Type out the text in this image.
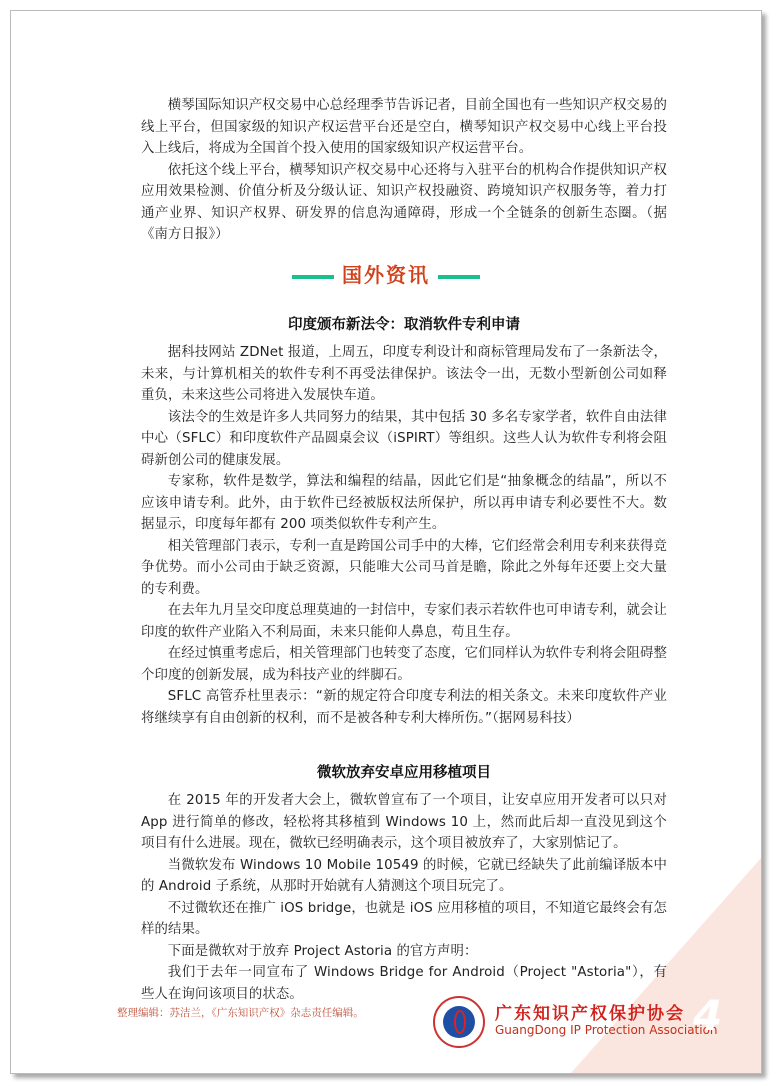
横琴国际知识产权交易中心总经理季节告诉记者，目前全国也有一些知识产权交易的线上平台，但国家级的知识产权运营平台还是空白，横琴知识产权交易中心线上平台投入上线后，将成为全国首个投入使用的国家级知识产权运营平台。

依托这个线上平台，横琴知识产权交易中心还将与入驻平台的机构合作提供知识产权应用效果检测、价值分析及分级认证、知识产权投融资、跨境知识产权服务等，着力打通产业界、知识产权界、研发界的信息沟通障碍，形成一个全链条的创新生态圈。（据《南方日报》）

国外资讯
印度颁布新法令：取消软件专利申请

据科技网站 ZDNet 报道，上周五，印度专利设计和商标管理局发布了一条新法令，未来，与计算机相关的软件专利不再受法律保护。该法令一出，无数小型新创公司如释重负，未来这些公司将进入发展快车道。

该法令的生效是许多人共同努力的结果，其中包括 30 多名专家学者，软件自由法律中心（SFLC）和印度软件产品圆桌会议（iSPIRT）等组织。这些人认为软件专利将会阻碍新创公司的健康发展。

专家称，软件是数学，算法和编程的结晶，因此它们是“抽象概念的结晶”，所以不应该申请专利。此外，由于软件已经被版权法所保护，所以再申请专利必要性不大。数据显示，印度每年都有 200 项类似软件专利产生。

相关管理部门表示，专利一直是跨国公司手中的大棒，它们经常会利用专利来获得竞争优势。而小公司由于缺乏资源，只能唯大公司马首是瞻，除此之外每年还要上交大量的专利费。

在去年九月呈交印度总理莫迪的一封信中，专家们表示若软件也可申请专利，就会让印度的软件产业陷入不利局面，未来只能仰人鼻息，苟且生存。

在经过慎重考虑后，相关管理部门也转变了态度，它们同样认为软件专利将会阻碍整个印度的创新发展，成为科技产业的绊脚石。

SFLC 高管乔杜里表示：“新的规定符合印度专利法的相关条文。未来印度软件产业将继续享有自由创新的权利，而不是被各种专利大棒所伤。”（据网易科技）

微软放弃安卓应用移植项目

在 2015 年的开发者大会上，微软曾宣布了一个项目，让安卓应用开发者可以只对 App 进行简单的修改，轻松将其移植到 Windows 10 上，然而此后却一直没见到这个项目有什么进展。现在，微软已经明确表示，这个项目被放弃了，大家别惦记了。

当微软发布 Windows 10 Mobile 10549 的时候，它就已经缺失了此前编译版本中的 Android 子系统，从那时开始就有人猜测这个项目玩完了。

不过微软还在推广 iOS bridge，也就是 iOS 应用移植的项目，不知道它最终会有怎样的结果。

下面是微软对于放弃 Project Astoria 的官方声明：

我们于去年一同宣布了 Windows Bridge for Android（Project "Astoria"），有些人在询问该项目的状态。

整理编辑：苏洁兰，《广东知识产权》杂志责任编辑。	广东知识产权保护协会
GuangDong IP Protection Association
4
